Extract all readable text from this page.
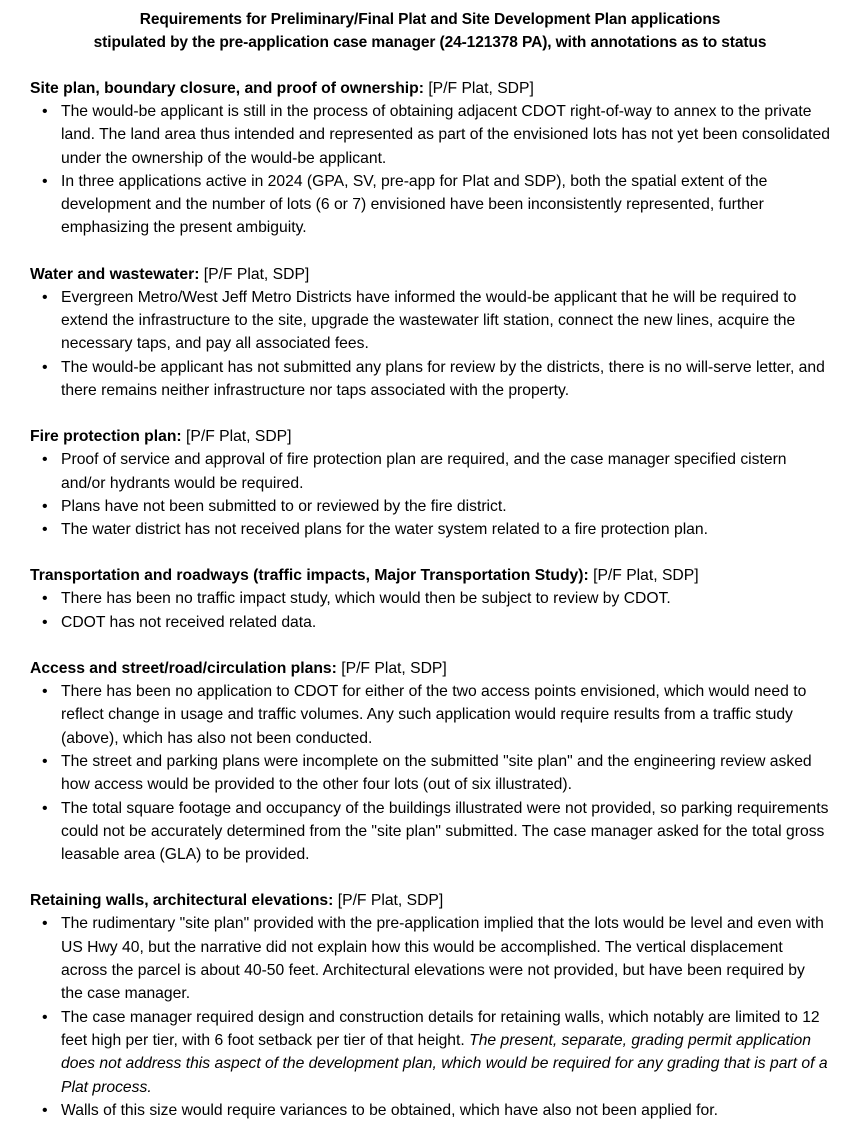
Requirements for Preliminary/Final Plat and Site Development Plan applications
stipulated by the pre-application case manager (24-121378 PA), with annotations as to status

Site plan, boundary closure, and proof of ownership: [P/F Plat, SDP]

• The would-be applicant is still in the process of obtaining adjacent CDOT right-of-way to annex to the private land. The land area thus intended and represented as part of the envisioned lots has not yet been consolidated under the ownership of the would-be applicant.
• In three applications active in 2024 (GPA, SV, pre-app for Plat and SDP), both the spatial extent of the development and the number of lots (6 or 7) envisioned have been inconsistently represented, further emphasizing the present ambiguity.

Water and wastewater: [P/F Plat, SDP]

• Evergreen Metro/West Jeff Metro Districts have informed the would-be applicant that he will be required to extend the infrastructure to the site, upgrade the wastewater lift station, connect the new lines, acquire the necessary taps, and pay all associated fees.
• The would-be applicant has not submitted any plans for review by the districts, there is no will-serve letter, and there remains neither infrastructure nor taps associated with the property.

Fire protection plan: [P/F Plat, SDP]

• Proof of service and approval of fire protection plan are required, and the case manager specified cistern and/or hydrants would be required.
• Plans have not been submitted to or reviewed by the fire district.
• The water district has not received plans for the water system related to a fire protection plan.

Transportation and roadways (traffic impacts, Major Transportation Study): [P/F Plat, SDP]

• There has been no traffic impact study, which would then be subject to review by CDOT.
• CDOT has not received related data.

Access and street/road/circulation plans: [P/F Plat, SDP]

• There has been no application to CDOT for either of the two access points envisioned, which would need to reflect change in usage and traffic volumes. Any such application would require results from a traffic study (above), which has also not been conducted.
• The street and parking plans were incomplete on the submitted "site plan" and the engineering review asked how access would be provided to the other four lots (out of six illustrated).
• The total square footage and occupancy of the buildings illustrated were not provided, so parking requirements could not be accurately determined from the "site plan" submitted. The case manager asked for the total gross leasable area (GLA) to be provided.

Retaining walls, architectural elevations: [P/F Plat, SDP]

• The rudimentary "site plan" provided with the pre-application implied that the lots would be level and even with US Hwy 40, but the narrative did not explain how this would be accomplished. The vertical displacement across the parcel is about 40-50 feet. Architectural elevations were not provided, but have been required by the case manager.
• The case manager required design and construction details for retaining walls, which notably are limited to 12 feet high per tier, with 6 foot setback per tier of that height. The present, separate, grading permit application does not address this aspect of the development plan, which would be required for any grading that is part of a Plat process.
• Walls of this size would require variances to be obtained, which have also not been applied for.
